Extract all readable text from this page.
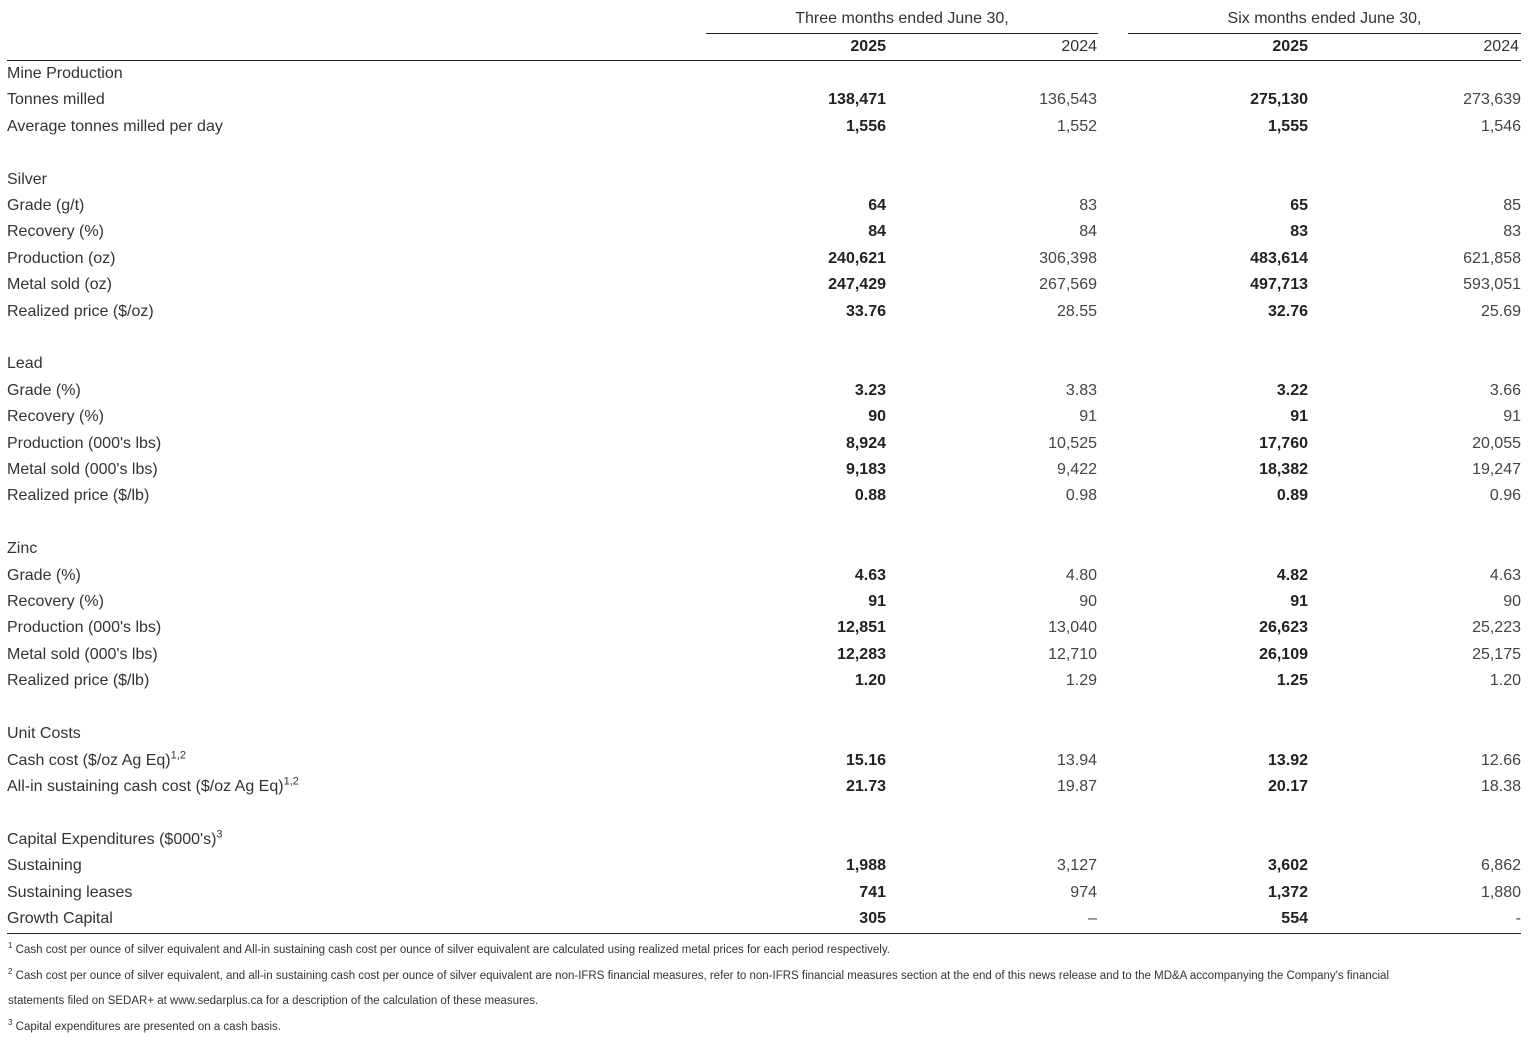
Three months ended June 30,	Six months ended June 30,
2025	2024	2025	2024
Mine Production				
Tonnes milled	138,471	136,543	275,130	273,639
Average tonnes milled per day	1,556	1,552	1,555	1,546

Silver				
Grade (g/t)	64	83	65	85
Recovery (%)	84	84	83	83
Production (oz)	240,621	306,398	483,614	621,858
Metal sold (oz)	247,429	267,569	497,713	593,051
Realized price ($/oz)	33.76	28.55	32.76	25.69

Lead				
Grade (%)	3.23	3.83	3.22	3.66
Recovery (%)	90	91	91	91
Production (000's lbs)	8,924	10,525	17,760	20,055
Metal sold (000's lbs)	9,183	9,422	18,382	19,247
Realized price ($/lb)	0.88	0.98	0.89	0.96

Zinc				
Grade (%)	4.63	4.80	4.82	4.63
Recovery (%)	91	90	91	90
Production (000's lbs)	12,851	13,040	26,623	25,223
Metal sold (000's lbs)	12,283	12,710	26,109	25,175
Realized price ($/lb)	1.20	1.29	1.25	1.20

Unit Costs				
Cash cost ($/oz Ag Eq)$^{1,2}$	15.16	13.94	13.92	12.66
All-in sustaining cash cost ($/oz Ag Eq)$^{1,2}$	21.73	19.87	20.17	18.38

Capital Expenditures ($000's)$^3$
Sustaining	1,988	3,127	3,602	6,862
Sustaining leases	741	974	1,372	1,880
Growth Capital	305	–	554	-
$^1$ Cash cost per ounce of silver equivalent and All-in sustaining cash cost per ounce of silver equivalent are calculated using realized metal prices for each period respectively.
$^2$ Cash cost per ounce of silver equivalent, and all-in sustaining cash cost per ounce of silver equivalent are non-IFRS financial measures, refer to non-IFRS financial measures section at the end of this news release and to the MD&A accompanying the Company's financial
statements filed on SEDAR+ at www.sedarplus.ca for a description of the calculation of these measures.
$^3$ Capital expenditures are presented on a cash basis.
